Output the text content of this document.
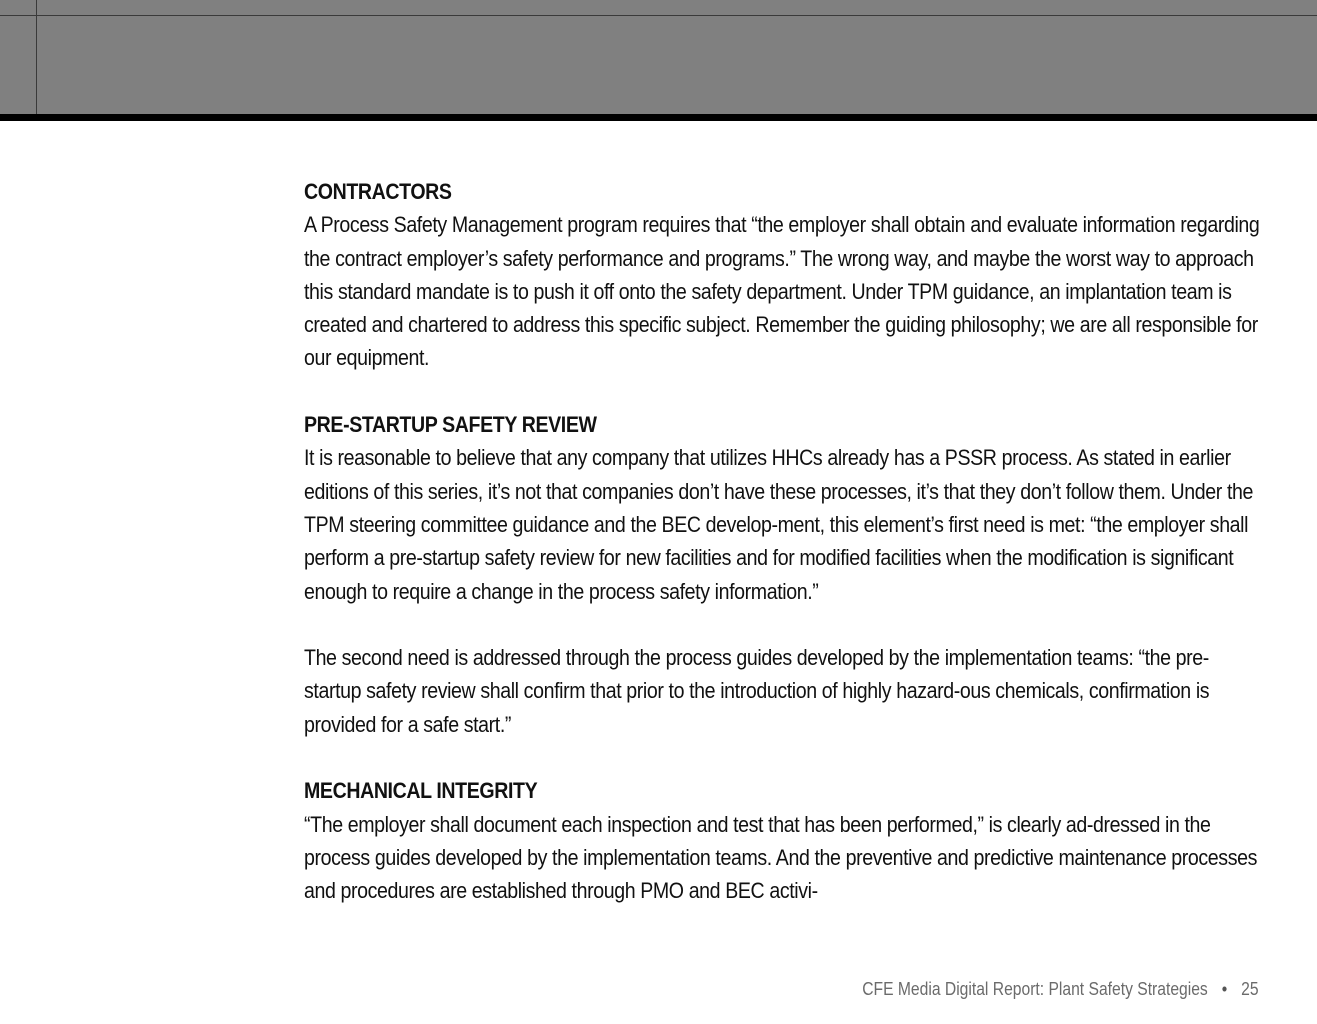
CONTRACTORS

A Process Safety Management program requires that “the employer shall obtain and evaluate information regarding the contract employer’s safety performance and programs.” The wrong way, and maybe the worst way to approach this standard mandate is to push it off onto the safety department. Under TPM guidance, an implantation team is created and chartered to address this specific subject. Remember the guiding philosophy; we are all responsible for our equipment.

PRE-STARTUP SAFETY REVIEW

It is reasonable to believe that any company that utilizes HHCs already has a PSSR process. As stated in earlier editions of this series, it’s not that companies don’t have these processes, it’s that they don’t follow them. Under the TPM steering committee guidance and the BEC develop-ment, this element’s first need is met: “the employer shall perform a pre-startup safety review for new facilities and for modified facilities when the modification is significant enough to require a change in the process safety information.”

The second need is addressed through the process guides developed by the implementation teams: “the pre-startup safety review shall confirm that prior to the introduction of highly hazard-ous chemicals, confirmation is provided for a safe start.”

MECHANICAL INTEGRITY

“The employer shall document each inspection and test that has been performed,” is clearly ad-dressed in the process guides developed by the implementation teams. And the preventive and predictive maintenance processes and procedures are established through PMO and BEC activi-

CFE Media Digital Report: Plant Safety Strategies • 25
